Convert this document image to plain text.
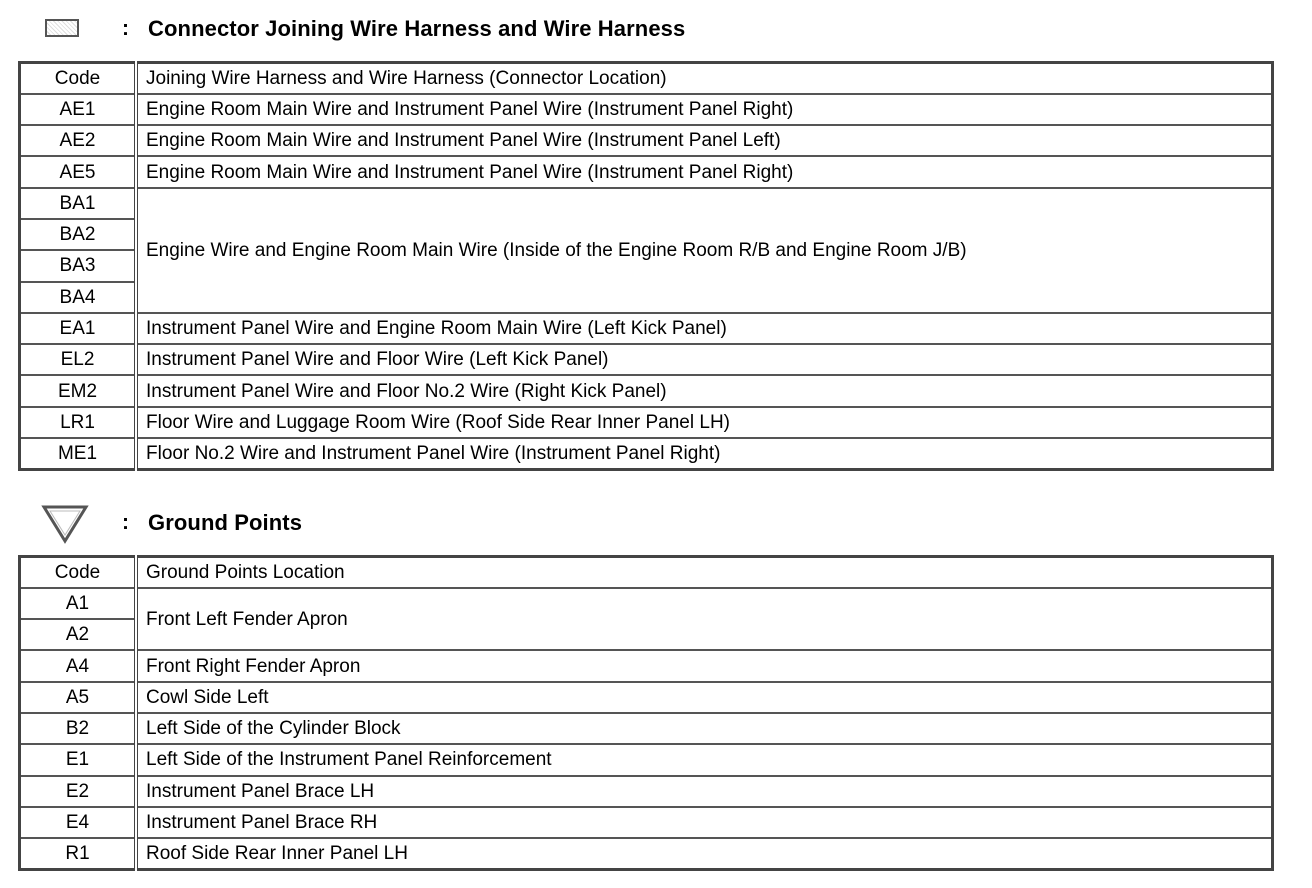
: Connector Joining Wire Harness and Wire Harness
Code	Joining Wire Harness and Wire Harness (Connector Location)
AE1	Engine Room Main Wire and Instrument Panel Wire (Instrument Panel Right)
AE2	Engine Room Main Wire and Instrument Panel Wire (Instrument Panel Left)
AE5	Engine Room Main Wire and Instrument Panel Wire (Instrument Panel Right)
BA1	Engine Wire and Engine Room Main Wire (Inside of the Engine Room R/B and Engine Room J/B)
BA2	
BA3	
BA4	
EA1	Instrument Panel Wire and Engine Room Main Wire (Left Kick Panel)
EL2	Instrument Panel Wire and Floor Wire (Left Kick Panel)
EM2	Instrument Panel Wire and Floor No.2 Wire (Right Kick Panel)
LR1	Floor Wire and Luggage Room Wire (Roof Side Rear Inner Panel LH)
ME1	Floor No.2 Wire and Instrument Panel Wire (Instrument Panel Right)
: Ground Points
Code	Ground Points Location
A1	Front Left Fender Apron
A2	
A4	Front Right Fender Apron
A5	Cowl Side Left
B2	Left Side of the Cylinder Block
E1	Left Side of the Instrument Panel Reinforcement
E2	Instrument Panel Brace LH
E4	Instrument Panel Brace RH
R1	Roof Side Rear Inner Panel LH
